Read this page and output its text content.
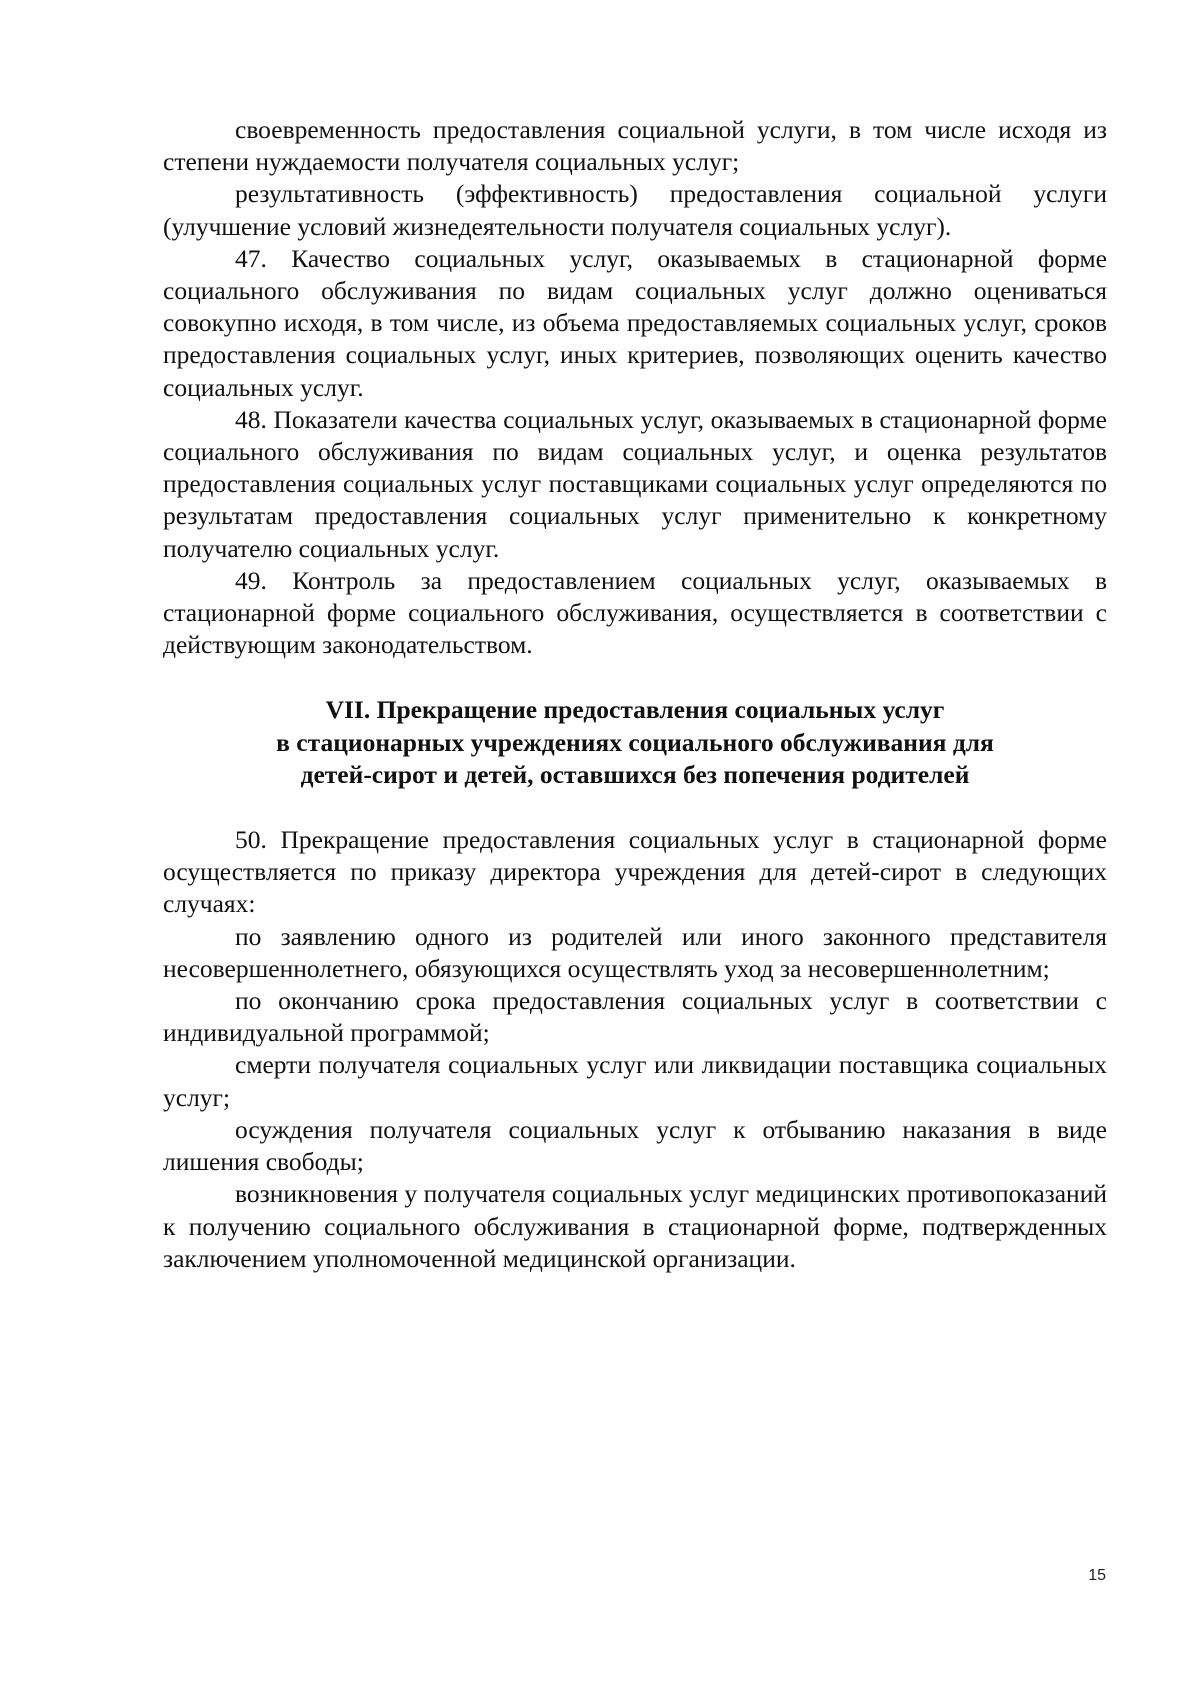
своевременность предоставления социальной услуги, в том числе исходя из степени нуждаемости получателя социальных услуг;

результативность (эффективность) предоставления социальной услуги (улучшение условий жизнедеятельности получателя социальных услуг).

47. Качество социальных услуг, оказываемых в стационарной форме социального обслуживания по видам социальных услуг должно оцениваться совокупно исходя, в том числе, из объема предоставляемых социальных услуг, сроков предоставления социальных услуг, иных критериев, позволяющих оценить качество социальных услуг.

48. Показатели качества социальных услуг, оказываемых в стационарной форме социального обслуживания по видам социальных услуг, и оценка результатов предоставления социальных услуг поставщиками социальных услуг определяются по результатам предоставления социальных услуг применительно к конкретному получателю социальных услуг.

49. Контроль за предоставлением социальных услуг, оказываемых в стационарной форме социального обслуживания, осуществляется в соответствии с действующим законодательством.

VII. Прекращение предоставления социальных услуг
в стационарных учреждениях социального обслуживания для
детей-сирот и детей, оставшихся без попечения родителей

50. Прекращение предоставления социальных услуг в стационарной форме осуществляется по приказу директора учреждения для детей-сирот в следующих случаях:

по заявлению одного из родителей или иного законного представителя несовершеннолетнего, обязующихся осуществлять уход за несовершеннолетним;

по окончанию срока предоставления социальных услуг в соответствии с индивидуальной программой;

смерти получателя социальных услуг или ликвидации поставщика социальных услуг;

осуждения получателя социальных услуг к отбыванию наказания в виде лишения свободы;

возникновения у получателя социальных услуг медицинских противопоказаний к получению социального обслуживания в стационарной форме, подтвержденных заключением уполномоченной медицинской организации.

15
